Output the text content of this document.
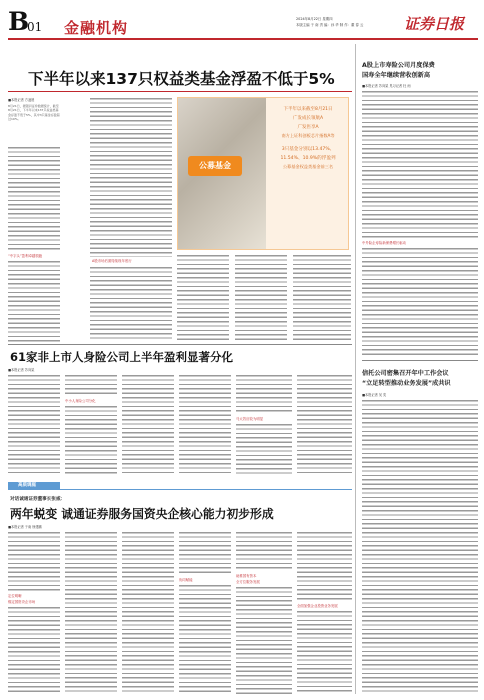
B
01 金融机构	2024年8月22日 星期四
本版主编 于 南 责 编：孙 华 制 作：董 春 云	证券日报
下半年以来137只权益类基金浮盈不低于5%
■本报记者 方凌晨
8月21日，据银河证券数据统计，截至8月21日，下半年以来137只权益类基金浮盈不低于5%，其中3只基金浮盈超过10%。
“中字头”盈利卓越领跑
A股市场后面待续现年底行
公募基金
下半年以来截至8月21日
广发成长领航A
广发医享A
南方上证科创板芯片指数A等
3只基金分别以13.47%、
11.54%、10.9%的浮盈列
公募基金权益类基金前三名
A股上市寿险公司月度保费
国寿全年继续营收创新高
■本报记者 苏向杲 见习记者 杜 雨
中外险企寿险新保费增长驱动
信托公司密集召开年中工作会议
“立足转型推动业务发展”成共识
■本报记者 吴 奕
61家非上市人身险公司上半年盈利显著分化
■本报记者 苏向杲
中小人身险公司分化
马太效应较为明显
高质调庭
对话诚通证券董事长张威：
两年蜕变 诚通证券服务国资央企核心能力初步形成
■本报记者 于南 徐建鹏
定位明晰
锚定国资央企市场
协同赋能
助推国有资本
全方位服务发展
全面加强企业投资业务发展
